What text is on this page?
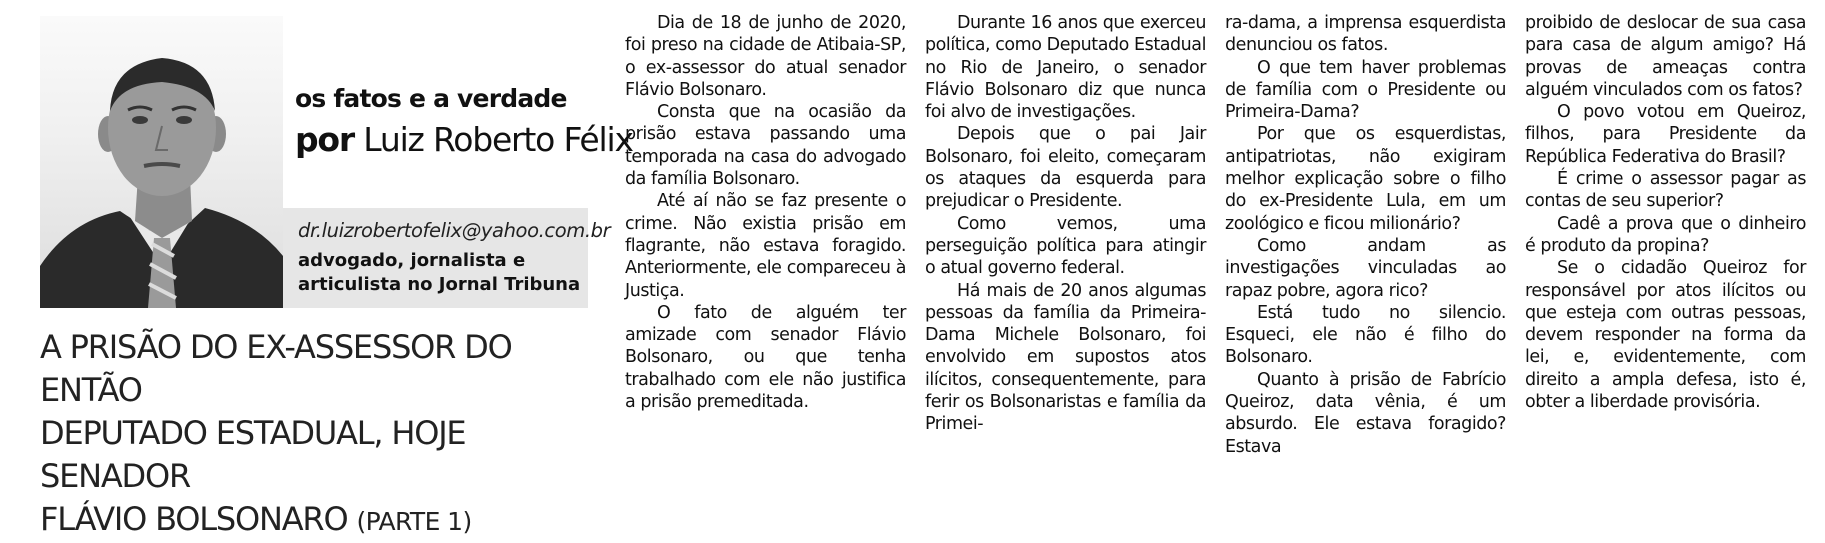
os fatos e a verdade
por Luiz Roberto Félix
dr.luizrobertofelix@yahoo.com.br
advogado, jornalista e
articulista no Jornal Tribuna
A PRISÃO DO EX-ASSESSOR DO ENTÃO
DEPUTADO ESTADUAL, HOJE SENADOR
FLÁVIO BOLSONARO (PARTE 1)

Dia de 18 de junho de 2020, foi preso na cidade de Atibaia-SP, o ex-assessor do atual senador Flávio Bolsonaro.

Consta que na ocasião da prisão estava passando uma temporada na casa do advogado da família Bolsonaro.

Até aí não se faz presente o crime. Não existia prisão em flagrante, não estava foragido. Anteriormente, ele compareceu à Justiça.

O fato de alguém ter amizade com senador Flávio Bolsonaro, ou que tenha trabalhado com ele não justifica a prisão premeditada.

Durante 16 anos que exerceu política, como Deputado Estadual no Rio de Janeiro, o senador Flávio Bolsonaro diz que nunca foi alvo de investigações.

Depois que o pai Jair Bolsonaro, foi eleito, começaram os ataques da esquerda para prejudicar o Presidente.

Como vemos, uma perseguição política para atingir o atual governo federal.

Há mais de 20 anos algumas pessoas da família da Primeira-Dama Michele Bolsonaro, foi envolvido em supostos atos ilícitos, consequentemente, para ferir os Bolsonaristas e família da Primei-

ra-dama, a imprensa esquerdista denunciou os fatos.

O que tem haver problemas de família com o Presidente ou Primeira-Dama?

Por que os esquerdistas, antipatriotas, não exigiram melhor explicação sobre o filho do ex-Presidente Lula, em um zoológico e ficou milionário?

Como andam as investigações vinculadas ao rapaz pobre, agora rico?

Está tudo no silencio. Esqueci, ele não é filho do Bolsonaro.

Quanto à prisão de Fabrício Queiroz, data vênia, é um absurdo. Ele estava foragido? Estava

proibido de deslocar de sua casa para casa de algum amigo? Há provas de ameaças contra alguém vinculados com os fatos?

O povo votou em Queiroz, filhos, para Presidente da República Federativa do Brasil?

É crime o assessor pagar as contas de seu superior?

Cadê a prova que o dinheiro é produto da propina?

Se o cidadão Queiroz for responsável por atos ilícitos ou que esteja com outras pessoas, devem responder na forma da lei, e, evidentemente, com direito a ampla defesa, isto é, obter a liberdade provisória.
